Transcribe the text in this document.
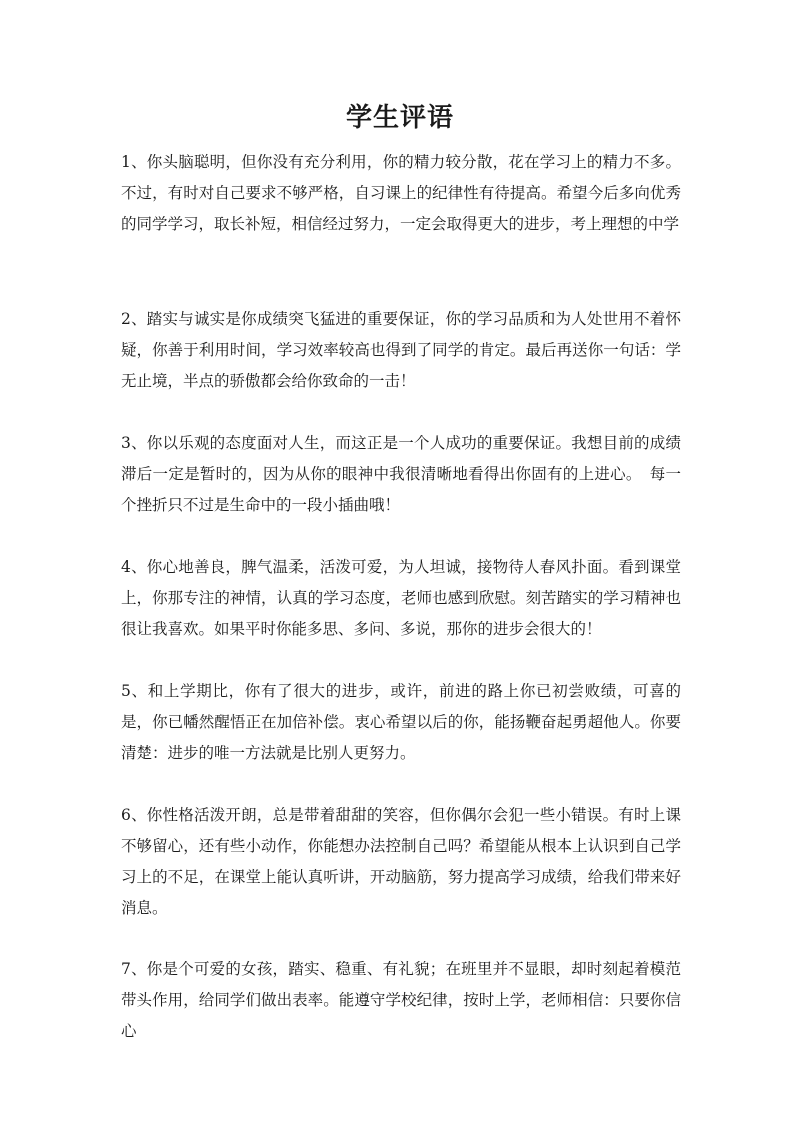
学生评语

1、你头脑聪明，但你没有充分利用，你的精力较分散，花在学习上的精力不多。不过，有时对自己要求不够严格，自习课上的纪律性有待提高。希望今后多向优秀的同学学习，取长补短，相信经过努力，一定会取得更大的进步，考上理想的中学

2、踏实与诚实是你成绩突飞猛进的重要保证，你的学习品质和为人处世用不着怀疑，你善于利用时间，学习效率较高也得到了同学的肯定。最后再送你一句话：学无止境，半点的骄傲都会给你致命的一击！

3、你以乐观的态度面对人生，而这正是一个人成功的重要保证。我想目前的成绩滞后一定是暂时的，因为从你的眼神中我很清晰地看得出你固有的上进心。　每一个挫折只不过是生命中的一段小插曲哦！

4、你心地善良，脾气温柔，活泼可爱，为人坦诚，接物待人春风扑面。看到课堂上，你那专注的神情，认真的学习态度，老师也感到欣慰。刻苦踏实的学习精神也很让我喜欢。如果平时你能多思、多问、多说，那你的进步会很大的！

5、和上学期比，你有了很大的进步，或许，前进的路上你已初尝败绩，可喜的是，你已幡然醒悟正在加倍补偿。衷心希望以后的你，能扬鞭奋起勇超他人。你要清楚：进步的唯一方法就是比别人更努力。

6、你性格活泼开朗，总是带着甜甜的笑容，但你偶尔会犯一些小错误。有时上课不够留心，还有些小动作，你能想办法控制自己吗？希望能从根本上认识到自己学习上的不足，在课堂上能认真听讲，开动脑筋，努力提高学习成绩，给我们带来好消息。

7、你是个可爱的女孩，踏实、稳重、有礼貌；在班里并不显眼，却时刻起着模范带头作用，给同学们做出表率。能遵守学校纪律，按时上学，老师相信：只要你信心
